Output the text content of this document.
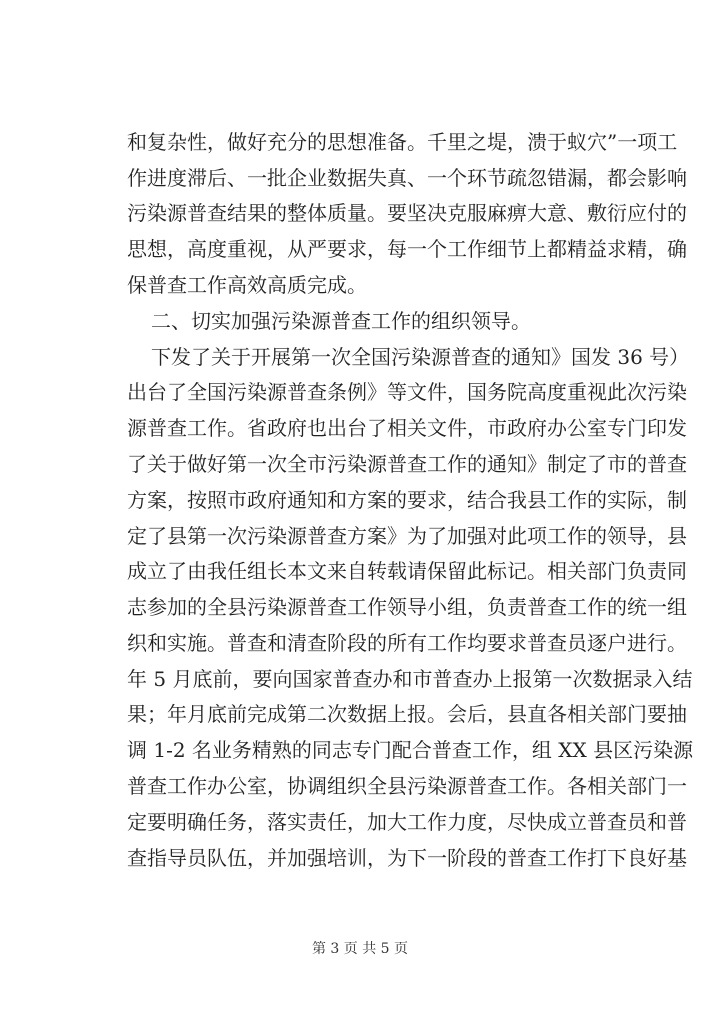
和复杂性，做好充分的思想准备。千里之堤，溃于蚁穴”一项工
作进度滞后、一批企业数据失真、一个环节疏忽错漏，都会影响
污染源普查结果的整体质量。要坚决克服麻痹大意、敷衍应付的
思想，高度重视，从严要求，每一个工作细节上都精益求精，确
保普查工作高效高质完成。
二、切实加强污染源普查工作的组织领导。
下发了关于开展第一次全国污染源普查的通知》国发 36 号）
出台了全国污染源普查条例》等文件，国务院高度重视此次污染
源普查工作。省政府也出台了相关文件，市政府办公室专门印发
了关于做好第一次全市污染源普查工作的通知》制定了市的普查
方案，按照市政府通知和方案的要求，结合我县工作的实际，制
定了县第一次污染源普查方案》为了加强对此项工作的领导，县
成立了由我任组长本文来自转载请保留此标记。相关部门负责同
志参加的全县污染源普查工作领导小组，负责普查工作的统一组
织和实施。普查和清查阶段的所有工作均要求普查员逐户进行。
年 5 月底前，要向国家普查办和市普查办上报第一次数据录入结
果；年月底前完成第二次数据上报。会后，县直各相关部门要抽
调 1-2 名业务精熟的同志专门配合普查工作，组 XX 县区污染源
普查工作办公室，协调组织全县污染源普查工作。各相关部门一
定要明确任务，落实责任，加大工作力度，尽快成立普查员和普
查指导员队伍，并加强培训，为下一阶段的普查工作打下良好基
第 3 页 共 5 页
